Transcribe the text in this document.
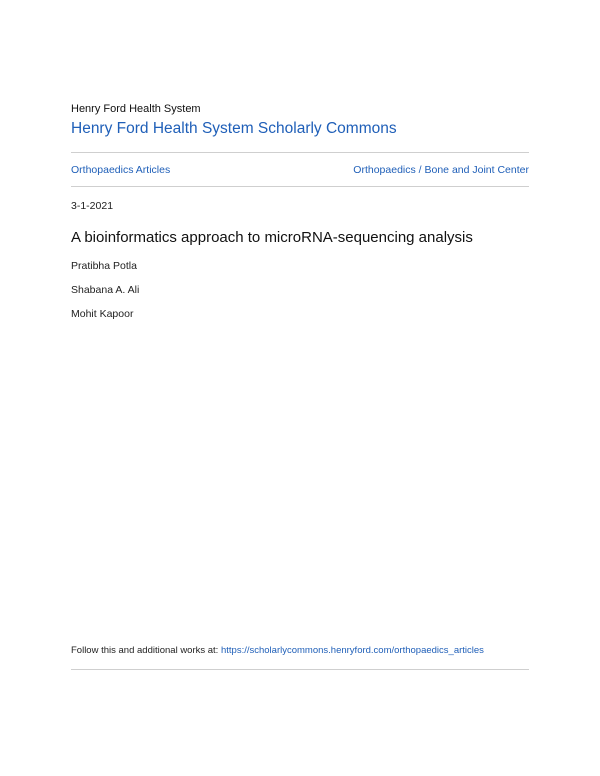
Henry Ford Health System
Henry Ford Health System Scholarly Commons
Orthopaedics Articles	Orthopaedics / Bone and Joint Center
3-1-2021
A bioinformatics approach to microRNA-sequencing analysis
Pratibha Potla
Shabana A. Ali
Mohit Kapoor
Follow this and additional works at: https://scholarlycommons.henryford.com/orthopaedics_articles
